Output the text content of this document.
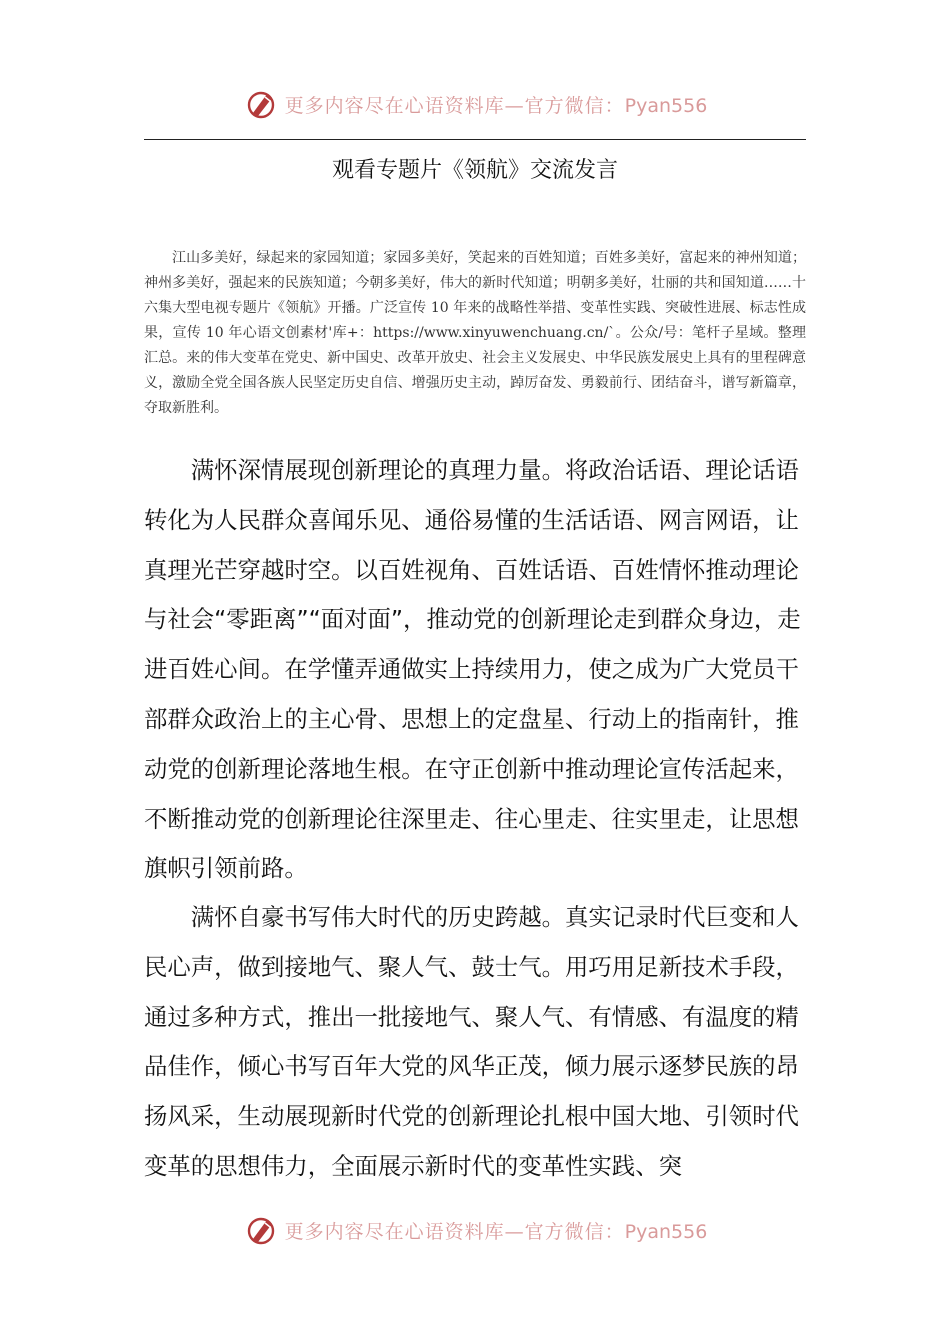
更多内容尽在心语资料库—官方微信：Pyan556
观看专题片《领航》交流发言

江山多美好，绿起来的家园知道；家园多美好，笑起来的百姓知道；百姓多美好，富起来的神州知道；神州多美好，强起来的民族知道；今朝多美好，伟大的新时代知道；明朝多美好，壮丽的共和国知道……十六集大型电视专题片《领航》开播。广泛宣传 10 年来的战略性举措、变革性实践、突破性进展、标志性成果，宣传 10 年心语文创素材'库+：https://www.xinyuwenchuang.cn/`。公众/号：笔杆子星域。整理汇总。来的伟大变革在党史、新中国史、改革开放史、社会主义发展史、中华民族发展史上具有的里程碑意义，激励全党全国各族人民坚定历史自信、增强历史主动，踔厉奋发、勇毅前行、团结奋斗，谱写新篇章，夺取新胜利。

满怀深情展现创新理论的真理力量。将政治话语、理论话语转化为人民群众喜闻乐见、通俗易懂的生活话语、网言网语，让真理光芒穿越时空。以百姓视角、百姓话语、百姓情怀推动理论与社会“零距离”“面对面”，推动党的创新理论走到群众身边，走进百姓心间。在学懂弄通做实上持续用力，使之成为广大党员干部群众政治上的主心骨、思想上的定盘星、行动上的指南针，推动党的创新理论落地生根。在守正创新中推动理论宣传活起来，不断推动党的创新理论往深里走、往心里走、往实里走，让思想旗帜引领前路。

满怀自豪书写伟大时代的历史跨越。真实记录时代巨变和人民心声，做到接地气、聚人气、鼓士气。用巧用足新技术手段，通过多种方式，推出一批接地气、聚人气、有情感、有温度的精品佳作，倾心书写百年大党的风华正茂，倾力展示逐梦民族的昂扬风采，生动展现新时代党的创新理论扎根中国大地、引领时代变革的思想伟力，全面展示新时代的变革性实践、突

更多内容尽在心语资料库—官方微信：Pyan556
